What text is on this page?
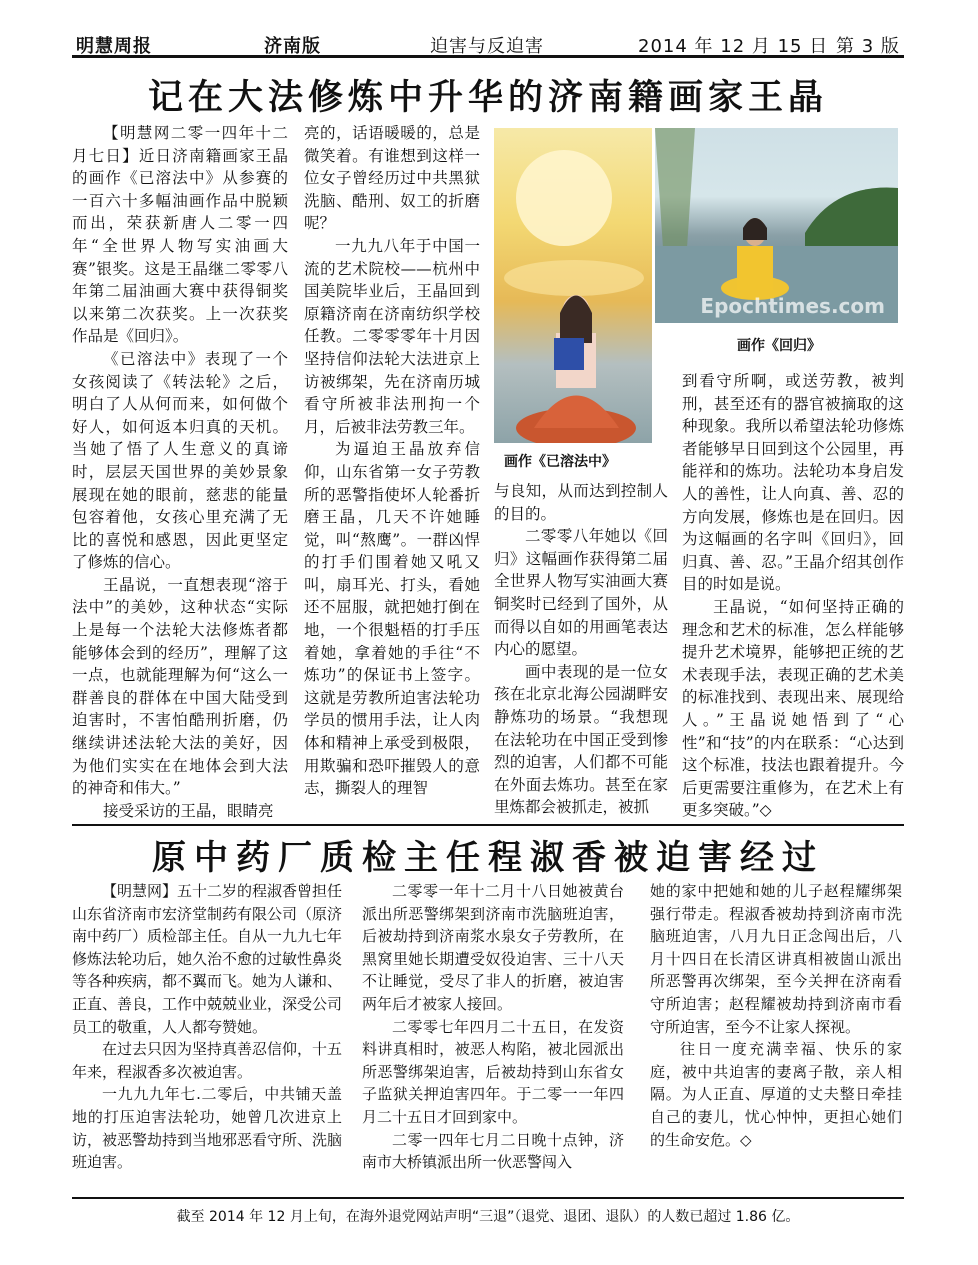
明慧周报	济南版	迫害与反迫害	2014 年 12 月 15 日 第 3 版
记在大法修炼中升华的济南籍画家王晶

【明慧网二零一四年十二月七日】近日济南籍画家王晶的画作《已溶法中》从参赛的一百六十多幅油画作品中脱颖而出，荣获新唐人二零一四年“全世界人物写实油画大赛”银奖。这是王晶继二零零八年第二届油画大赛中获得铜奖以来第二次获奖。上一次获奖作品是《回归》。

《已溶法中》表现了一个女孩阅读了《转法轮》之后，明白了人从何而来，如何做个好人，如何返本归真的天机。当她了悟了人生意义的真谛时，层层天国世界的美妙景象展现在她的眼前，慈悲的能量包容着他，女孩心里充满了无比的喜悦和感恩，因此更坚定了修炼的信心。

王晶说，一直想表现“溶于法中”的美妙，这种状态“实际上是每一个法轮大法修炼者都能够体会到的经历”，理解了这一点，也就能理解为何“这么一群善良的群体在中国大陆受到迫害时，不害怕酷刑折磨，仍继续讲述法轮大法的美好，因为他们实实在在地体会到大法的神奇和伟大。”

接受采访的王晶，眼睛亮

亮的，话语暖暖的，总是微笑着。有谁想到这样一位女子曾经历过中共黑狱洗脑、酷刑、奴工的折磨呢？

一九九八年于中国一流的艺术院校——杭州中国美院毕业后，王晶回到原籍济南在济南纺织学校任教。二零零零年十月因坚持信仰法轮大法进京上访被绑架，先在济南历城看守所被非法刑拘一个月，后被非法劳教三年。

为逼迫王晶放弃信仰，山东省第一女子劳教所的恶警指使坏人轮番折磨王晶，几天不许她睡觉，叫“熬鹰”。一群凶悍的打手们围着她又吼又叫，扇耳光、打头，看她还不屈服，就把她打倒在地，一个很魁梧的打手压着她，拿着她的手往“不炼功”的保证书上签字。这就是劳教所迫害法轮功学员的惯用手法，让人肉体和精神上承受到极限，用欺骗和恐吓摧毁人的意志，撕裂人的理智

画作《已溶法中》
Epochtimes.com
画作《回归》

与良知，从而达到控制人的目的。

二零零八年她以《回归》这幅画作获得第二届全世界人物写实油画大赛铜奖时已经到了国外，从而得以自如的用画笔表达内心的愿望。

画中表现的是一位女孩在北京北海公园湖畔安静炼功的场景。“我想现在法轮功在中国正受到惨烈的迫害，人们都不可能在外面去炼功。甚至在家里炼都会被抓走，被抓

到看守所啊，或送劳教，被判刑，甚至还有的器官被摘取的这种现象。我所以希望法轮功修炼者能够早日回到这个公园里，再能祥和的炼功。法轮功本身启发人的善性，让人向真、善、忍的方向发展，修炼也是在回归。因为这幅画的名字叫《回归》，回归真、善、忍。”王晶介绍其创作目的时如是说。

王晶说，“如何坚持正确的理念和艺术的标准，怎么样能够提升艺术境界，能够把正统的艺术表现手法，表现正确的艺术美的标准找到、表现出来、展现给人。”王晶说她悟到了“心性”和“技”的内在联系：“心达到这个标准，技法也跟着提升。今后更需要注重修为，在艺术上有更多突破。”◇

原中药厂质检主任程淑香被迫害经过

【明慧网】五十二岁的程淑香曾担任山东省济南市宏济堂制药有限公司（原济南中药厂）质检部主任。自从一九九七年修炼法轮功后，她久治不愈的过敏性鼻炎等各种疾病，都不翼而飞。她为人谦和、正直、善良，工作中兢兢业业，深受公司员工的敬重，人人都夸赞她。

在过去只因为坚持真善忍信仰，十五年来，程淑香多次被迫害。

一九九九年七.二零后，中共铺天盖地的打压迫害法轮功，她曾几次进京上访，被恶警劫持到当地邪恶看守所、洗脑班迫害。

二零零一年十二月十八日她被黄台派出所恶警绑架到济南市洗脑班迫害，后被劫持到济南浆水泉女子劳教所，在黑窝里她长期遭受奴役迫害、三十八天不让睡觉，受尽了非人的折磨，被迫害两年后才被家人接回。

二零零七年四月二十五日，在发资料讲真相时，被恶人构陷，被北园派出所恶警绑架迫害，后被劫持到山东省女子监狱关押迫害四年。于二零一一年四月二十五日才回到家中。

二零一四年七月二日晚十点钟，济南市大桥镇派出所一伙恶警闯入

她的家中把她和她的儿子赵程耀绑架强行带走。程淑香被劫持到济南市洗脑班迫害，八月九日正念闯出后，八月十四日在长清区讲真相被崮山派出所恶警再次绑架，至今关押在济南看守所迫害；赵程耀被劫持到济南市看守所迫害，至今不让家人探视。

往日一度充满幸福、快乐的家庭，被中共迫害的妻离子散，亲人相隔。为人正直、厚道的丈夫整日牵挂自己的妻儿，忧心忡忡，更担心她们的生命安危。◇

截至 2014 年 12 月上旬，在海外退党网站声明“三退”（退党、退团、退队）的人数已超过 1.86 亿。
